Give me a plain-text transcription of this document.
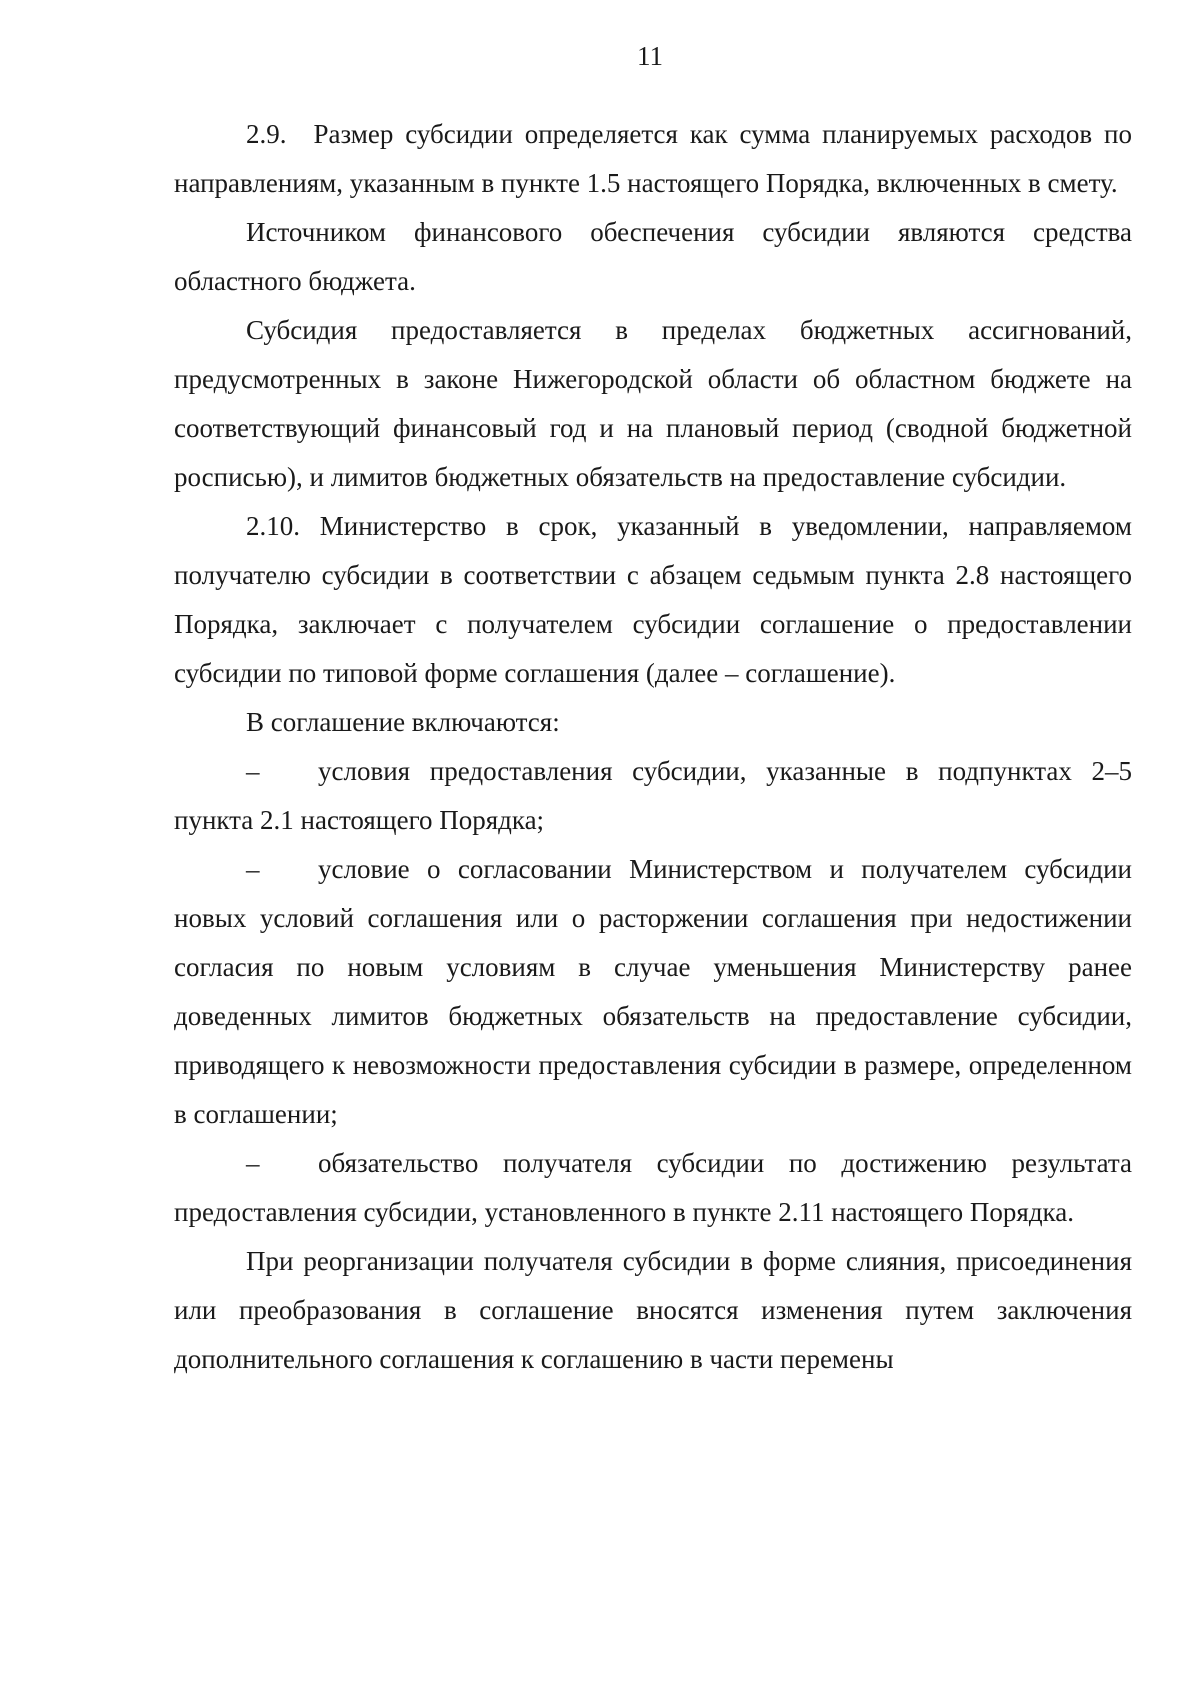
11

2.9. Размер субсидии определяется как сумма планируемых расходов по направлениям, указанным в пункте 1.5 настоящего Порядка, включенных в смету.

Источником финансового обеспечения субсидии являются средства областного бюджета.

Субсидия предоставляется в пределах бюджетных ассигнований, предусмотренных в законе Нижегородской области об областном бюджете на соответствующий финансовый год и на плановый период (сводной бюджетной росписью), и лимитов бюджетных обязательств на предоставление субсидии.

2.10. Министерство в срок, указанный в уведомлении, направляемом получателю субсидии в соответствии с абзацем седьмым пункта 2.8 настоящего Порядка, заключает с получателем субсидии соглашение о предоставлении субсидии по типовой форме соглашения (далее – соглашение).

В соглашение включаются:

– условия предоставления субсидии, указанные в подпунктах 2–5 пункта 2.1 настоящего Порядка;

– условие о согласовании Министерством и получателем субсидии новых условий соглашения или о расторжении соглашения при недостижении согласия по новым условиям в случае уменьшения Министерству ранее доведенных лимитов бюджетных обязательств на предоставление субсидии, приводящего к невозможности предоставления субсидии в размере, определенном в соглашении;

– обязательство получателя субсидии по достижению результата предоставления субсидии, установленного в пункте 2.11 настоящего Порядка.

При реорганизации получателя субсидии в форме слияния, присоединения или преобразования в соглашение вносятся изменения путем заключения дополнительного соглашения к соглашению в части перемены
